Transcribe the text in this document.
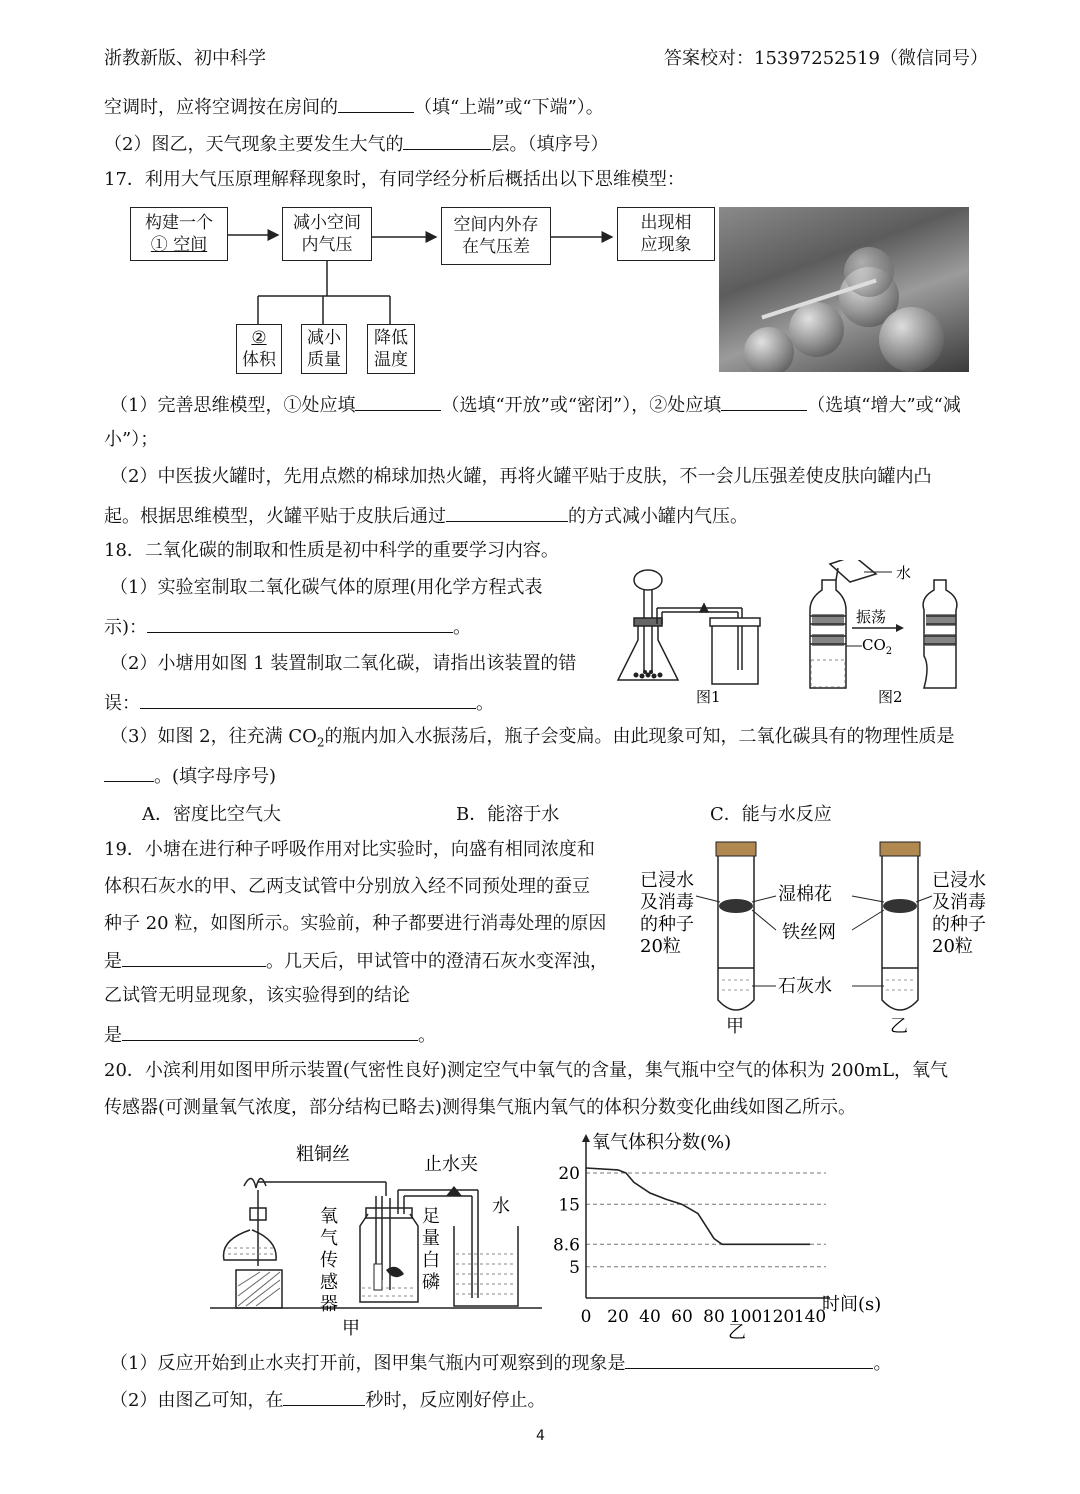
浙教新版、初中科学	答案校对：15397252519（微信同号）
空调时，应将空调按在房间的	（填“上端”或“下端”）。
（2）图乙，天气现象主要发生大气的	层。（填序号）
17．利用大气压原理解释现象时，有同学经分析后概括出以下思维模型：
构建一个
① 空间
减小空间
内气压
空间内外存
在气压差
出现相
应现象
②
体积
减小
质量
降低
温度
（1）完善思维模型，①处应填	（选填“开放”或“密闭”），②处应填	（选填“增大”或“减
小”）；
（2）中医拔火罐时，先用点燃的棉球加热火罐，再将火罐平贴于皮肤，不一会儿压强差使皮肤向罐内凸
起。根据思维模型，火罐平贴于皮肤后通过	的方式减小罐内气压。
18．二氧化碳的制取和性质是初中科学的重要学习内容。
（1）实验室制取二氧化碳气体的原理(用化学方程式表
示)：	。
（2）小塘用如图 1 装置制取二氧化碳，请指出该装置的错
误：	。	图1
水
振荡
$CO_2$
图2
（3）如图 2，往充满 $CO_2$的瓶内加入水振荡后，瓶子会变扁。由此现象可知，二氧化碳具有的物理性质是
。(填字母序号)
A．密度比空气大	B．能溶于水	C．能与水反应
19．小塘在进行种子呼吸作用对比实验时，向盛有相同浓度和
体积石灰水的甲、乙两支试管中分别放入经不同预处理的蚕豆
种子 20 粒，如图所示。实验前，种子都要进行消毒处理的原因
是	。几天后，甲试管中的澄清石灰水变浑浊，
乙试管无明显现象，该实验得到的结论
是	。
已浸水
及消毒
的种子
20粒
湿棉花
铁丝网
石灰水
已浸水
及消毒
的种子
20粒
甲	乙
20．小滨利用如图甲所示装置(气密性良好)测定空气中氧气的含量，集气瓶中空气的体积为 200mL，氧气
传感器(可测量氧气浓度，部分结构已略去)测得集气瓶内氧气的体积分数变化曲线如图乙所示。
粗铜丝	止水夹
水
氧
气
传
感
器
足
量
白
磷
甲
5
8.6
15
20
0 20 40 60 80 100 120 140
氧气体积分数(%)
时间(s)
乙
（1）反应开始到止水夹打开前，图甲集气瓶内可观察到的现象是	。
（2）由图乙可知，在	秒时，反应刚好停止。
4
